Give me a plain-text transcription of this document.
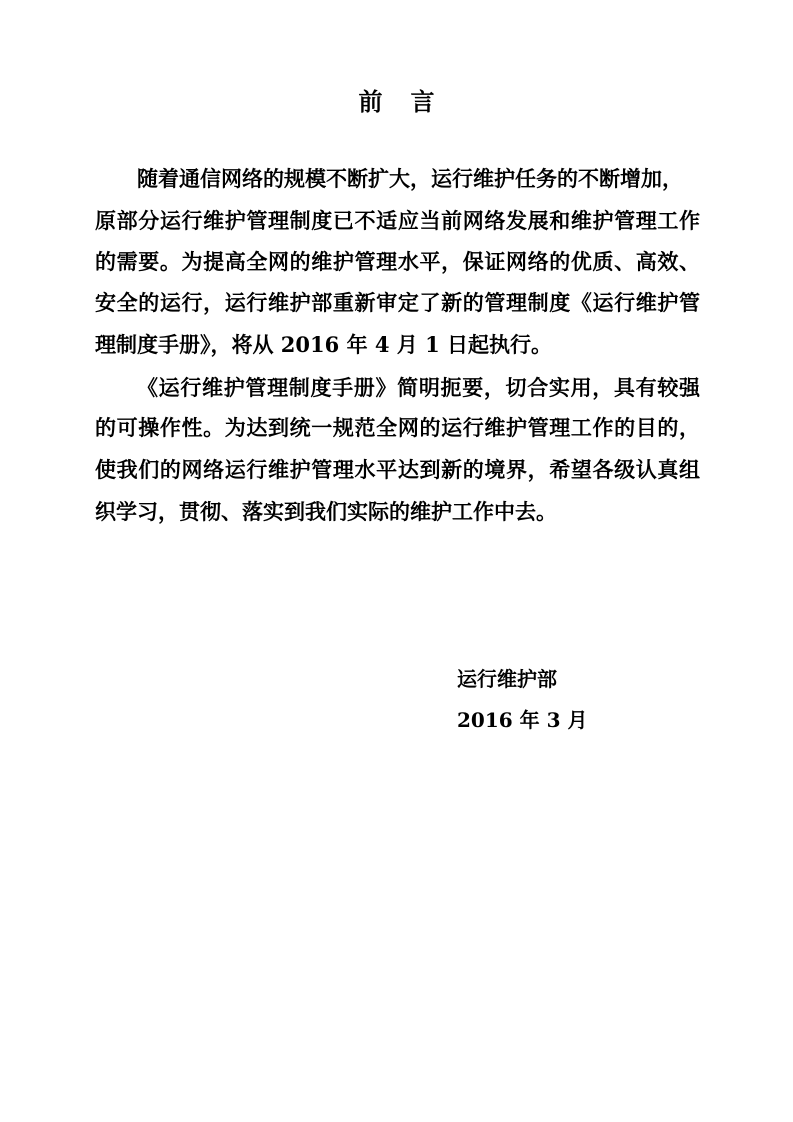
前 言
随着通信网络的规模不断扩大，运行维护任务的不断增加，
原部分运行维护管理制度已不适应当前网络发展和维护管理工作
的需要。为提高全网的维护管理水平，保证网络的优质、高效、
安全的运行，运行维护部重新审定了新的管理制度《运行维护管
理制度手册》，将从 2016 年 4 月 1 日起执行。
《运行维护管理制度手册》简明扼要，切合实用，具有较强
的可操作性。为达到统一规范全网的运行维护管理工作的目的，
使我们的网络运行维护管理水平达到新的境界，希望各级认真组
织学习，贯彻、落实到我们实际的维护工作中去。
运行维护部
2016 年 3 月
